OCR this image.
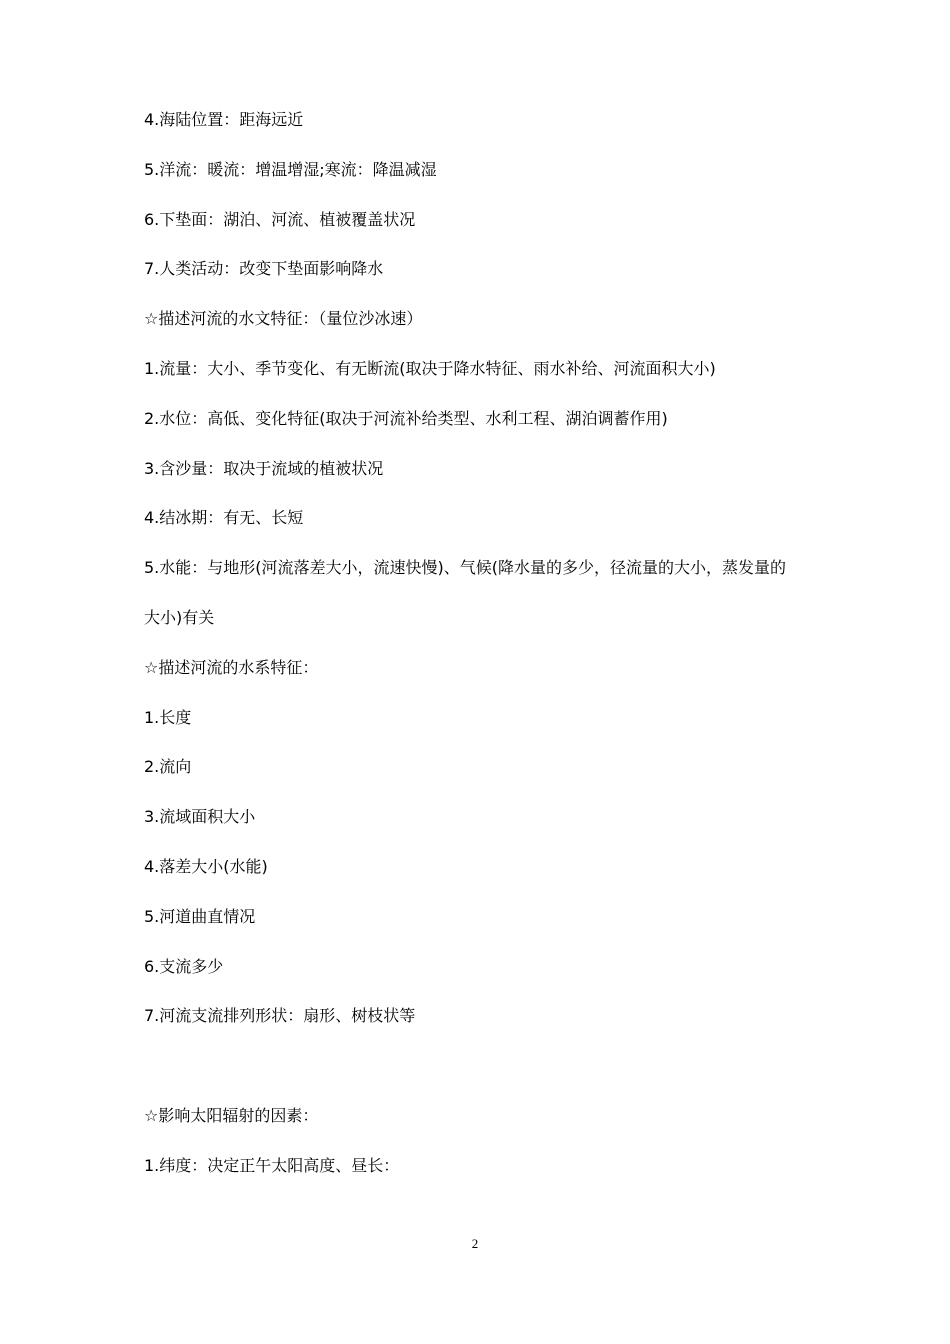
4.海陆位置：距海远近
5.洋流：暖流：增温增湿;寒流：降温减湿
6.下垫面：湖泊、河流、植被覆盖状况
7.人类活动：改变下垫面影响降水
☆描述河流的水文特征：（量位沙冰速）
1.流量：大小、季节变化、有无断流(取决于降水特征、雨水补给、河流面积大小)
2.水位：高低、变化特征(取决于河流补给类型、水利工程、湖泊调蓄作用)
3.含沙量：取决于流域的植被状况
4.结冰期：有无、长短
5.水能：与地形(河流落差大小，流速快慢)、气候(降水量的多少，径流量的大小，蒸发量的
大小)有关
☆描述河流的水系特征：
1.长度
2.流向
3.流域面积大小
4.落差大小(水能)
5.河道曲直情况
6.支流多少
7.河流支流排列形状：扇形、树枝状等
☆影响太阳辐射的因素：
1.纬度：决定正午太阳高度、昼长：
2
